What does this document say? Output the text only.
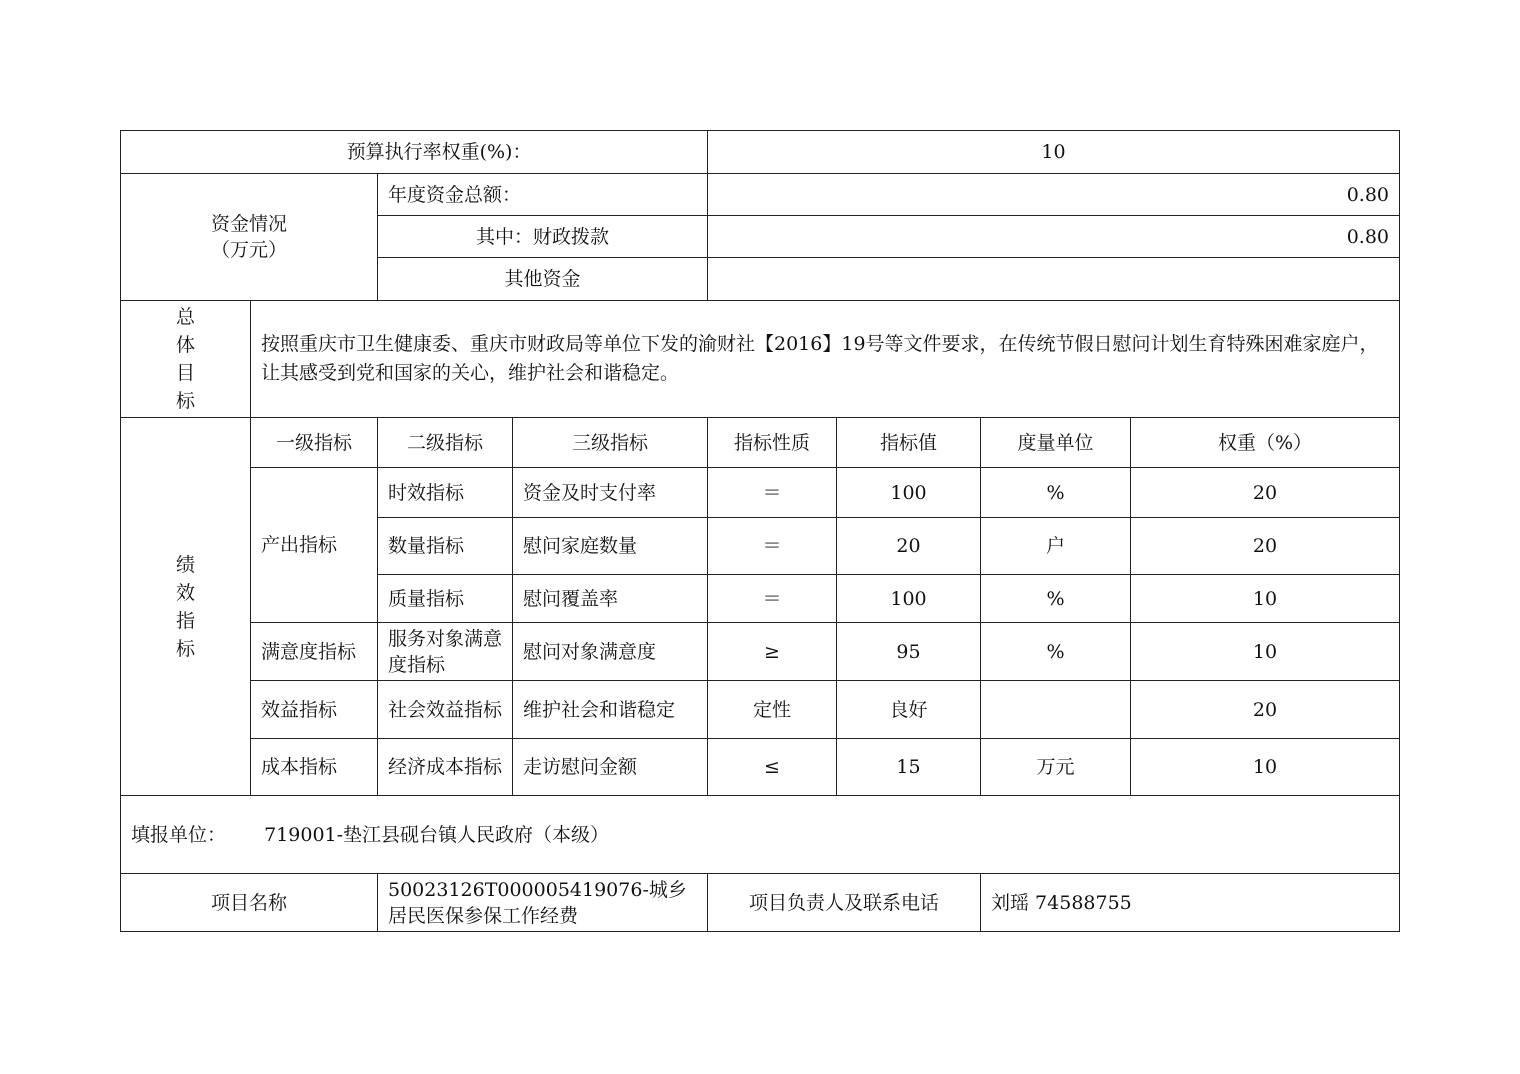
预算执行率权重(%)：				10			

资金情况
（万元）		年度资金总额：		0.80			
		其中：财政拨款		0.80			
		其他资金					

总
体
目
标	按照重庆市卫生健康委、重庆市财政局等单位下发的渝财社【2016】19号等文件要求，在传统节假日慰问计划生育特殊困难家庭户，让其感受到党和国家的关心，维护社会和谐稳定。						

绩
效
指
标	一级指标	二级指标	三级指标	指标性质	指标值	度量单位	权重（%）
	产出指标	时效指标	资金及时支付率	＝	100	%	20
		数量指标	慰问家庭数量	＝	20	户	20
		质量指标	慰问覆盖率	＝	100	%	10
	满意度指标	服务对象满意度指标	慰问对象满意度	≥	95	%	10
	效益指标	社会效益指标	维护社会和谐稳定	定性	良好		20
	成本指标	经济成本指标	走访慰问金额	≤	15	万元	10
填报单位： 719001-垫江县砚台镇人民政府（本级）							
项目名称		50023126T000005419076-城乡居民医保参保工作经费		项目负责人及联系电话		刘瑶 74588755	
